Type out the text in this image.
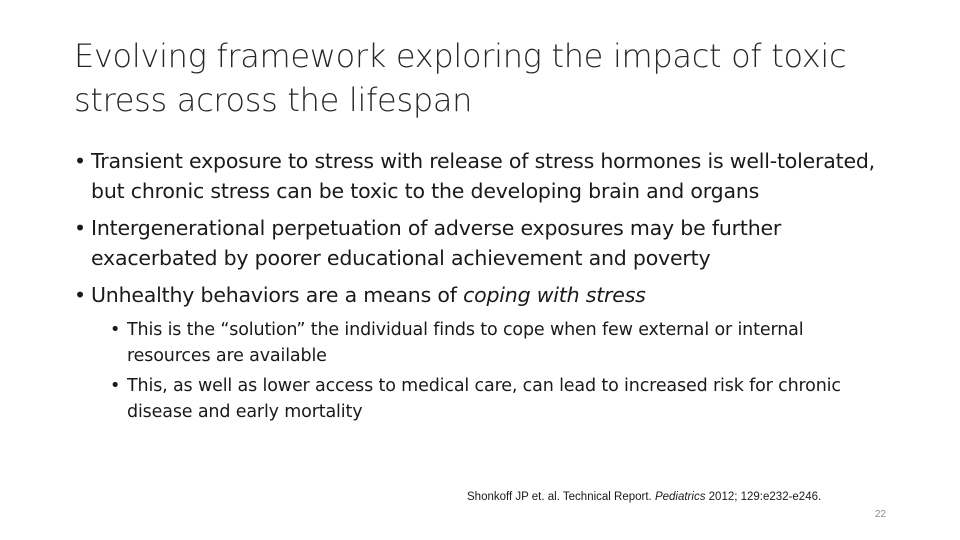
Evolving framework exploring the impact of toxic stress across the lifespan
• Transient exposure to stress with release of stress hormones is well-tolerated, but chronic stress can be toxic to the developing brain and organs
• Intergenerational perpetuation of adverse exposures may be further exacerbated by poorer educational achievement and poverty
• Unhealthy behaviors are a means of coping with stress
• This is the “solution” the individual finds to cope when few external or internal resources are available
• This, as well as lower access to medical care, can lead to increased risk for chronic disease and early mortality
Shonkoff JP et. al. Technical Report. Pediatrics 2012; 129:e232-e246.
22
